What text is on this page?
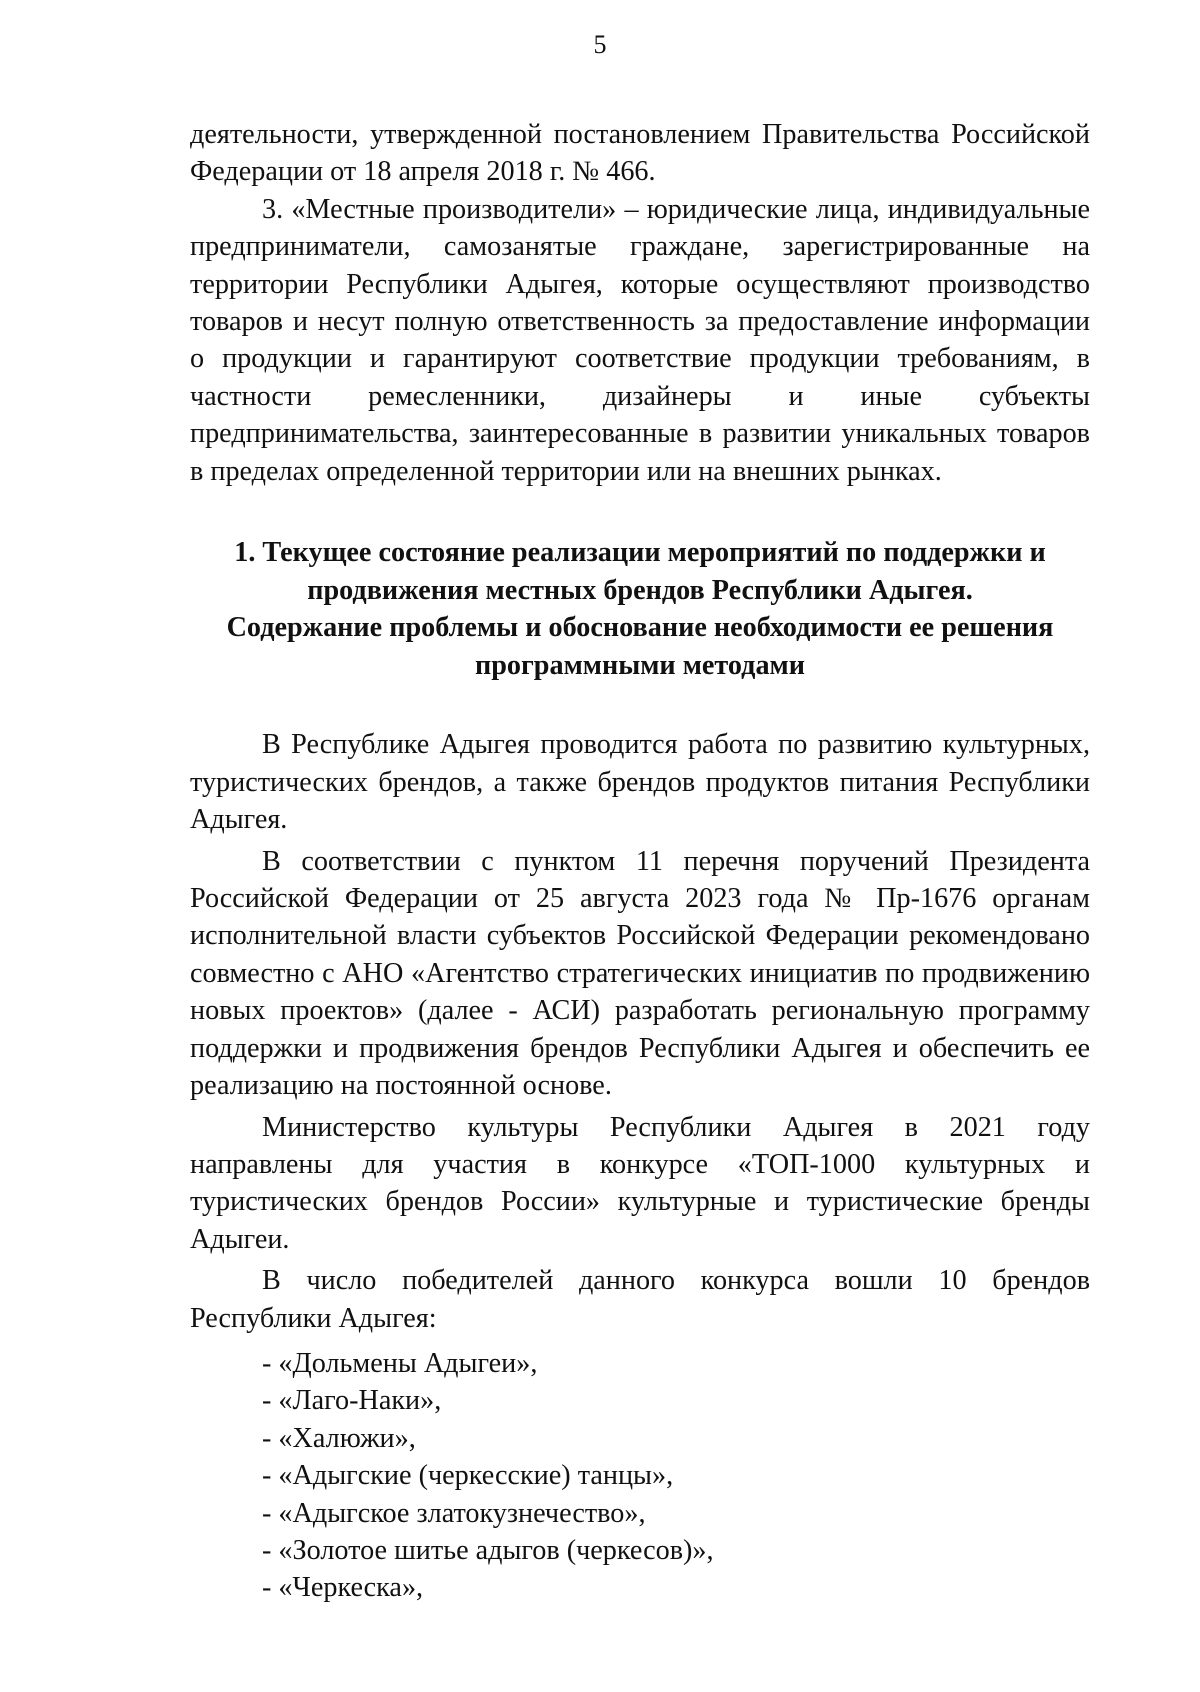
5

деятельности, утвержденной постановлением Правительства Российской Федерации от 18 апреля 2018 г. № 466.

3. «Местные производители» – юридические лица, индивидуальные предприниматели, самозанятые граждане, зарегистрированные на территории Республики Адыгея, которые осуществляют производство товаров и несут полную ответственность за предоставление информации о продукции и гарантируют соответствие продукции требованиям, в частности ремесленники, дизайнеры и иные субъекты предпринимательства, заинтересованные в развитии уникальных товаров в пределах определенной территории или на внешних рынках.

1. Текущее состояние реализации мероприятий по поддержки и
продвижения местных брендов Республики Адыгея.
Содержание проблемы и обоснование необходимости ее решения
программными методами

В Республике Адыгея проводится работа по развитию культурных, туристических брендов, а также брендов продуктов питания Республики Адыгея.

В соответствии с пунктом 11 перечня поручений Президента Российской Федерации от 25 августа 2023 года № Пр-1676 органам исполнительной власти субъектов Российской Федерации рекомендовано совместно с АНО «Агентство стратегических инициатив по продвижению новых проектов» (далее - АСИ) разработать региональную программу поддержки и продвижения брендов Республики Адыгея и обеспечить ее реализацию на постоянной основе.

Министерство культуры Республики Адыгея в 2021 году направлены для участия в конкурсе «ТОП-1000 культурных и туристических брендов России» культурные и туристические бренды Адыгеи.

В число победителей данного конкурса вошли 10 брендов Республики Адыгея:

- «Дольмены Адыгеи»,
- «Лаго-Наки»,
- «Халюжи»,
- «Адыгские (черкесские) танцы»,
- «Адыгское златокузнечество»,
- «Золотое шитье адыгов (черкесов)»,
- «Черкеска»,
